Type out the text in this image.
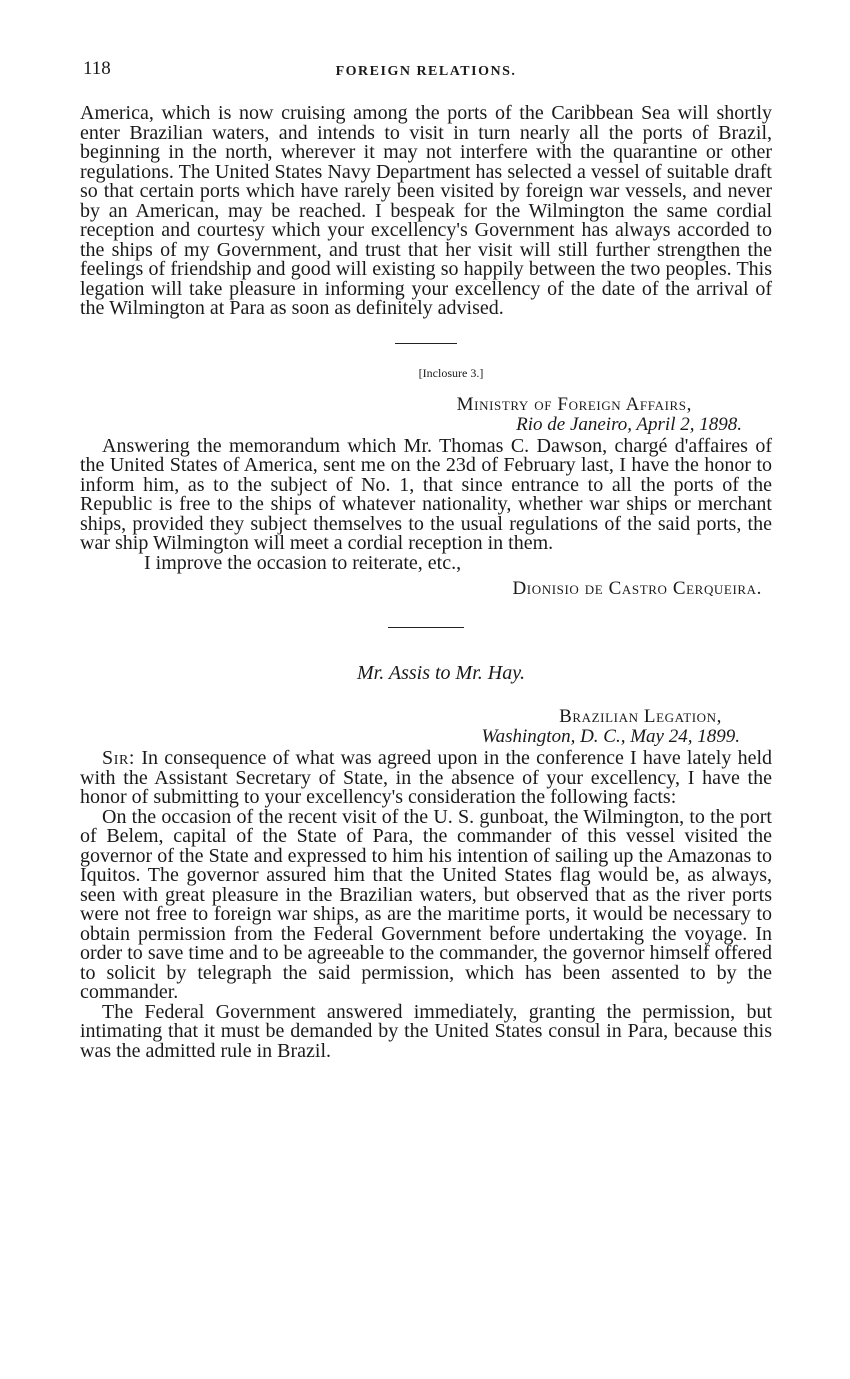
118	FOREIGN RELATIONS.

America, which is now cruising among the ports of the Caribbean Sea will shortly enter Brazilian waters, and intends to visit in turn nearly all the ports of Brazil, beginning in the north, wherever it may not interfere with the quarantine or other regulations. The United States Navy Department has selected a vessel of suitable draft so that certain ports which have rarely been visited by foreign war vessels, and never by an American, may be reached. I bespeak for the Wilmington the same cordial reception and courtesy which your excellency's Government has always accorded to the ships of my Government, and trust that her visit will still further strengthen the feelings of friendship and good will existing so happily between the two peoples. This legation will take pleasure in informing your excellency of the date of the arrival of the Wilmington at Para as soon as definitely advised.

[Inclosure 3.]
Ministry of Foreign Affairs,
Rio de Janeiro, April 2, 1898.

Answering the memorandum which Mr. Thomas C. Dawson, chargé d'affaires of the United States of America, sent me on the 23d of February last, I have the honor to inform him, as to the subject of No. 1, that since entrance to all the ports of the Republic is free to the ships of whatever nationality, whether war ships or merchant ships, provided they subject themselves to the usual regulations of the said ports, the war ship Wilmington will meet a cordial reception in them.

I improve the occasion to reiterate, etc.,

Dionisio de Castro Cerqueira.
Mr. Assis to Mr. Hay.
Brazilian Legation,
Washington, D. C., May 24, 1899.

Sir: In consequence of what was agreed upon in the conference I have lately held with the Assistant Secretary of State, in the absence of your excellency, I have the honor of submitting to your excellency's consideration the following facts:

On the occasion of the recent visit of the U. S. gunboat, the Wilmington, to the port of Belem, capital of the State of Para, the commander of this vessel visited the governor of the State and expressed to him his intention of sailing up the Amazonas to Iquitos. The governor assured him that the United States flag would be, as always, seen with great pleasure in the Brazilian waters, but observed that as the river ports were not free to foreign war ships, as are the maritime ports, it would be necessary to obtain permission from the Federal Government before undertaking the voyage. In order to save time and to be agreeable to the commander, the governor himself offered to solicit by telegraph the said permission, which has been assented to by the commander.

The Federal Government answered immediately, granting the permission, but intimating that it must be demanded by the United States consul in Para, because this was the admitted rule in Brazil.
